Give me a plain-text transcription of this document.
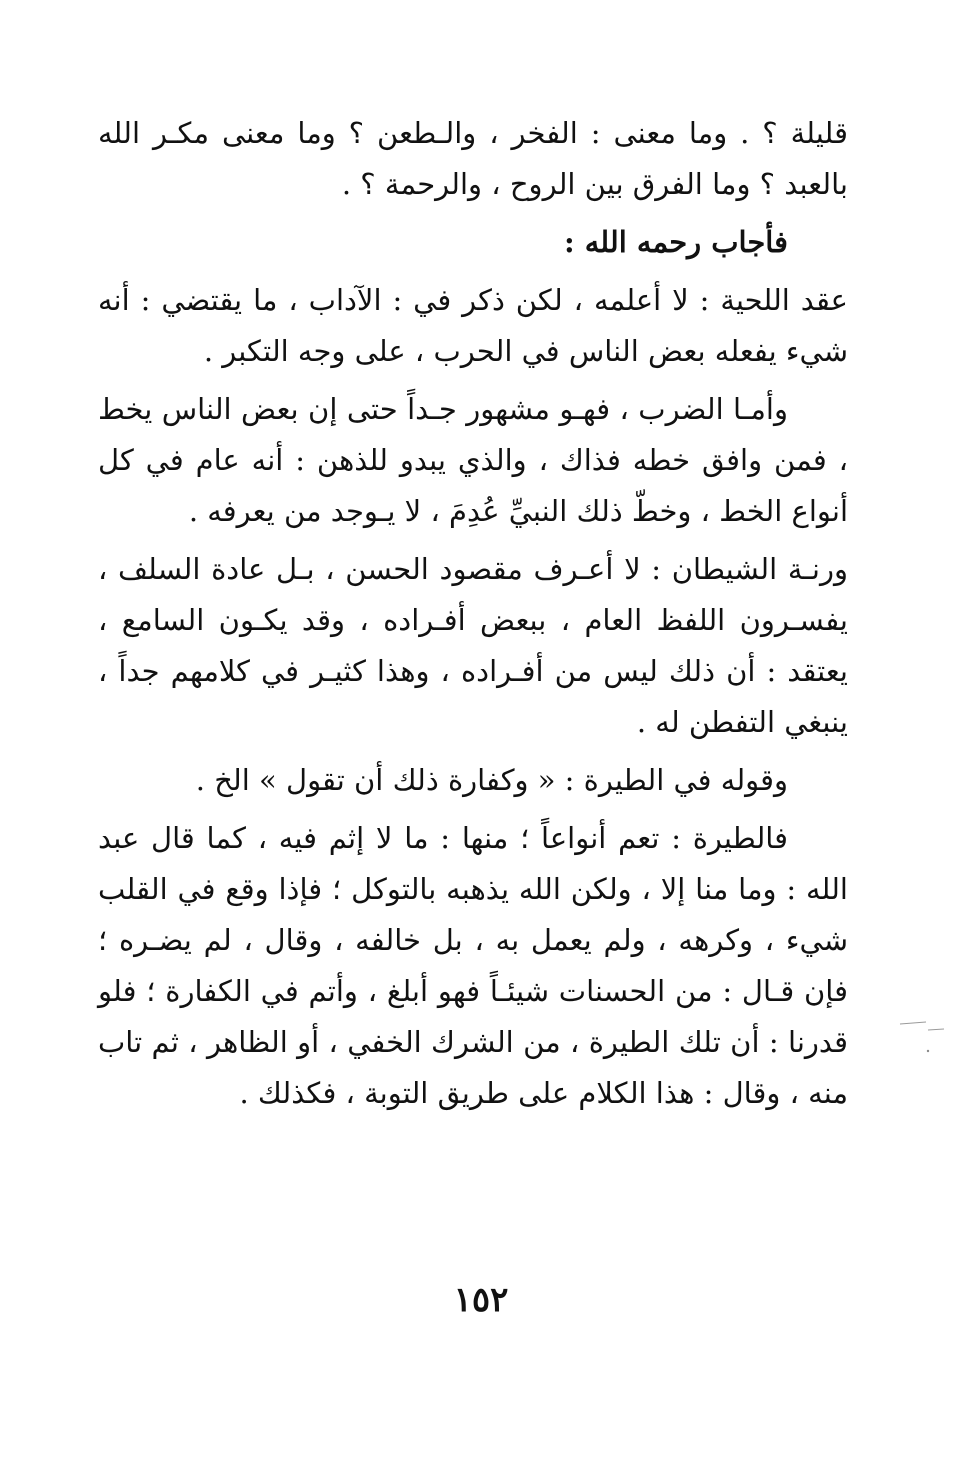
قليلة ؟ . وما معنى : الفخر ، والـطعن ؟ وما معنى مكـر الله بالعبد ؟ وما الفرق بين الروح ، والرحمة ؟ .

فأجاب رحمه الله :

عقد اللحية : لا أعلمه ، لكن ذكر في : الآداب ، ما يقتضي : أنه شيء يفعله بعض الناس في الحرب ، على وجه التكبر .

وأمـا الضرب ، فهـو مشهور جـداً حتى إن بعض الناس يخط ، فمن وافق خطه فذاك ، والذي يبدو للذهن : أنه عام في كل أنواع الخط ، وخطّ ذلك النبيِّ عُدِمَ ، لا يـوجد من يعرفه .

ورنـة الشيطان : لا أعـرف مقصود الحسن ، بـل عادة السلف ، يفسـرون اللفظ العام ، ببعض أفـراده ، وقد يكـون السامع ، يعتقد : أن ذلك ليس من أفـراده ، وهذا كثيـر في كلامهم جداً ، ينبغي التفطن له .

وقوله في الطيرة : « وكفارة ذلك أن تقول » الخ .

فالطيرة : تعم أنواعاً ؛ منها : ما لا إثم فيه ، كما قال عبد الله : وما منا إلا ، ولكن الله يذهبه بالتوكل ؛ فإذا وقع في القلب شيء ، وكرهه ، ولم يعمل به ، بل خالفه ، وقال ، لم يضـره ؛ فإن قـال : من الحسنات شيئـاً فهو أبلغ ، وأتم في الكفارة ؛ فلو قدرنا : أن تلك الطيرة ، من الشرك الخفي ، أو الظاهر ، ثم تاب منه ، وقال : هذا الكلام على طريق التوبة ، فكذلك .

١٥٢
